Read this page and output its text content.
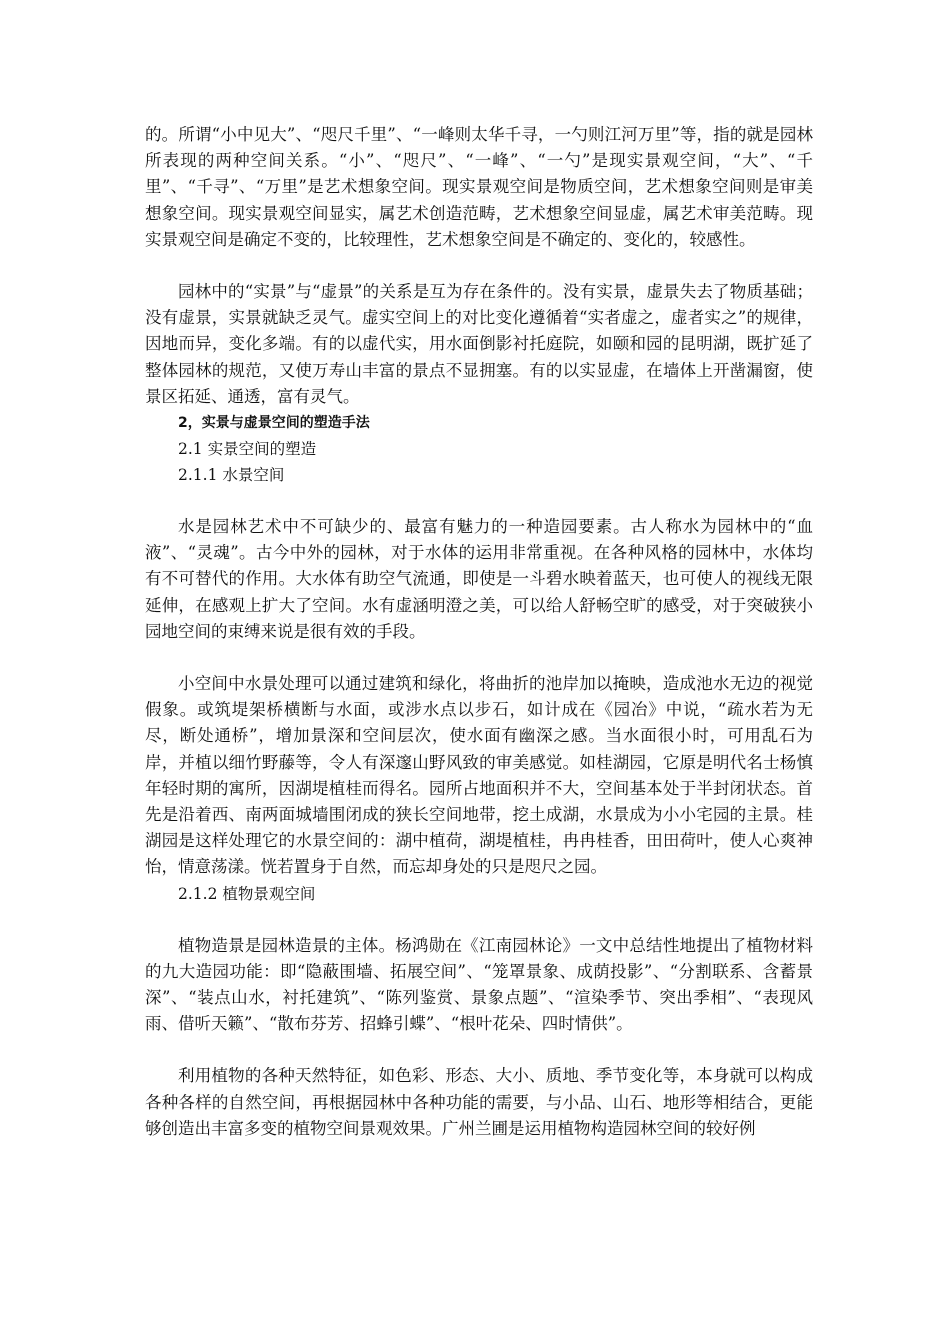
的。所谓“小中见大”、“咫尺千里”、“一峰则太华千寻，一勺则江河万里”等，指的就是园林所表现的两种空间关系。“小”、“咫尺”、“一峰”、“一勺”是现实景观空间，“大”、“千里”、“千寻”、“万里”是艺术想象空间。现实景观空间是物质空间，艺术想象空间则是审美想象空间。现实景观空间显实，属艺术创造范畴，艺术想象空间显虚，属艺术审美范畴。现实景观空间是确定不变的，比较理性，艺术想象空间是不确定的、变化的，较感性。

园林中的“实景”与“虚景”的关系是互为存在条件的。没有实景，虚景失去了物质基础；没有虚景，实景就缺乏灵气。虚实空间上的对比变化遵循着“实者虚之，虚者实之”的规律，因地而异，变化多端。有的以虚代实，用水面倒影衬托庭院，如颐和园的昆明湖，既扩延了整体园林的规范，又使万寿山丰富的景点不显拥塞。有的以实显虚，在墙体上开凿漏窗，使景区拓延、通透，富有灵气。

2，实景与虚景空间的塑造手法

2.1 实景空间的塑造

2.1.1 水景空间

水是园林艺术中不可缺少的、最富有魅力的一种造园要素。古人称水为园林中的“血液”、“灵魂”。古今中外的园林，对于水体的运用非常重视。在各种风格的园林中，水体均有不可替代的作用。大水体有助空气流通，即使是一斗碧水映着蓝天，也可使人的视线无限延伸，在感观上扩大了空间。水有虚涵明澄之美，可以给人舒畅空旷的感受，对于突破狭小园地空间的束缚来说是很有效的手段。

小空间中水景处理可以通过建筑和绿化，将曲折的池岸加以掩映，造成池水无边的视觉假象。或筑堤架桥横断与水面，或涉水点以步石，如计成在《园冶》中说，“疏水若为无尽，断处通桥”，增加景深和空间层次，使水面有幽深之感。当水面很小时，可用乱石为岸，并植以细竹野藤等，令人有深邃山野风致的审美感觉。如桂湖园，它原是明代名士杨慎年轻时期的寓所，因湖堤植桂而得名。园所占地面积并不大，空间基本处于半封闭状态。首先是沿着西、南两面城墙围闭成的狭长空间地带，挖土成湖，水景成为小小宅园的主景。桂湖园是这样处理它的水景空间的：湖中植荷，湖堤植桂，冉冉桂香，田田荷叶，使人心爽神怡，情意荡漾。恍若置身于自然，而忘却身处的只是咫尺之园。

2.1.2 植物景观空间

植物造景是园林造景的主体。杨鸿勋在《江南园林论》一文中总结性地提出了植物材料的九大造园功能：即“隐蔽围墙、拓展空间”、“笼罩景象、成荫投影”、“分割联系、含蓄景深”、“装点山水，衬托建筑”、“陈列鉴赏、景象点题”、“渲染季节、突出季相”、“表现风雨、借听天籁”、“散布芬芳、招蜂引蝶”、“根叶花朵、四时情供”。

利用植物的各种天然特征，如色彩、形态、大小、质地、季节变化等，本身就可以构成各种各样的自然空间，再根据园林中各种功能的需要，与小品、山石、地形等相结合，更能够创造出丰富多变的植物空间景观效果。广州兰圃是运用植物构造园林空间的较好例
